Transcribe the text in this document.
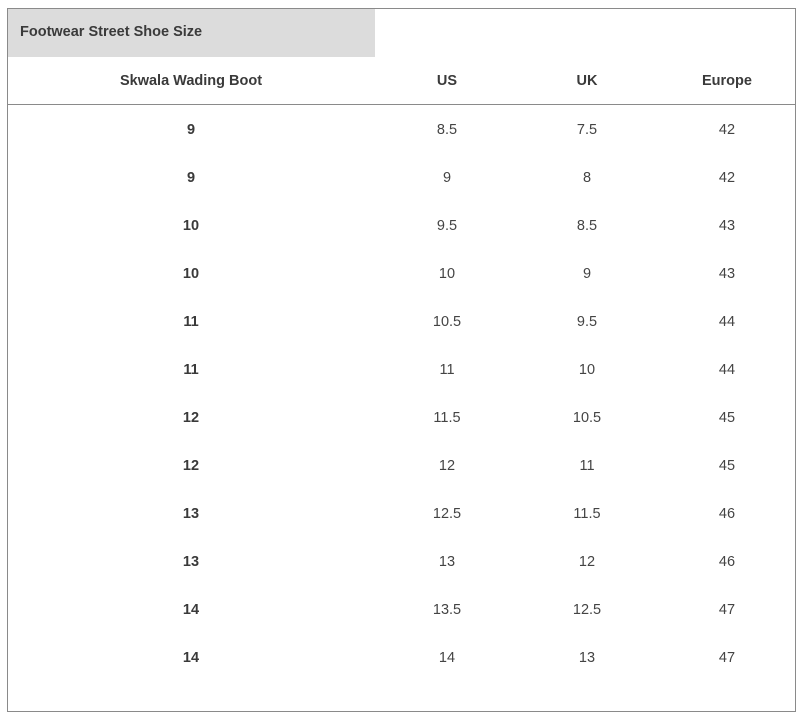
Footwear Street Shoe Size
Skwala Wading Boot	US	UK	Europe
9	8.5	7.5	42
9	9	8	42
10	9.5	8.5	43
10	10	9	43
11	10.5	9.5	44
11	11	10	44
12	11.5	10.5	45
12	12	11	45
13	12.5	11.5	46
13	13	12	46
14	13.5	12.5	47
14	14	13	47
